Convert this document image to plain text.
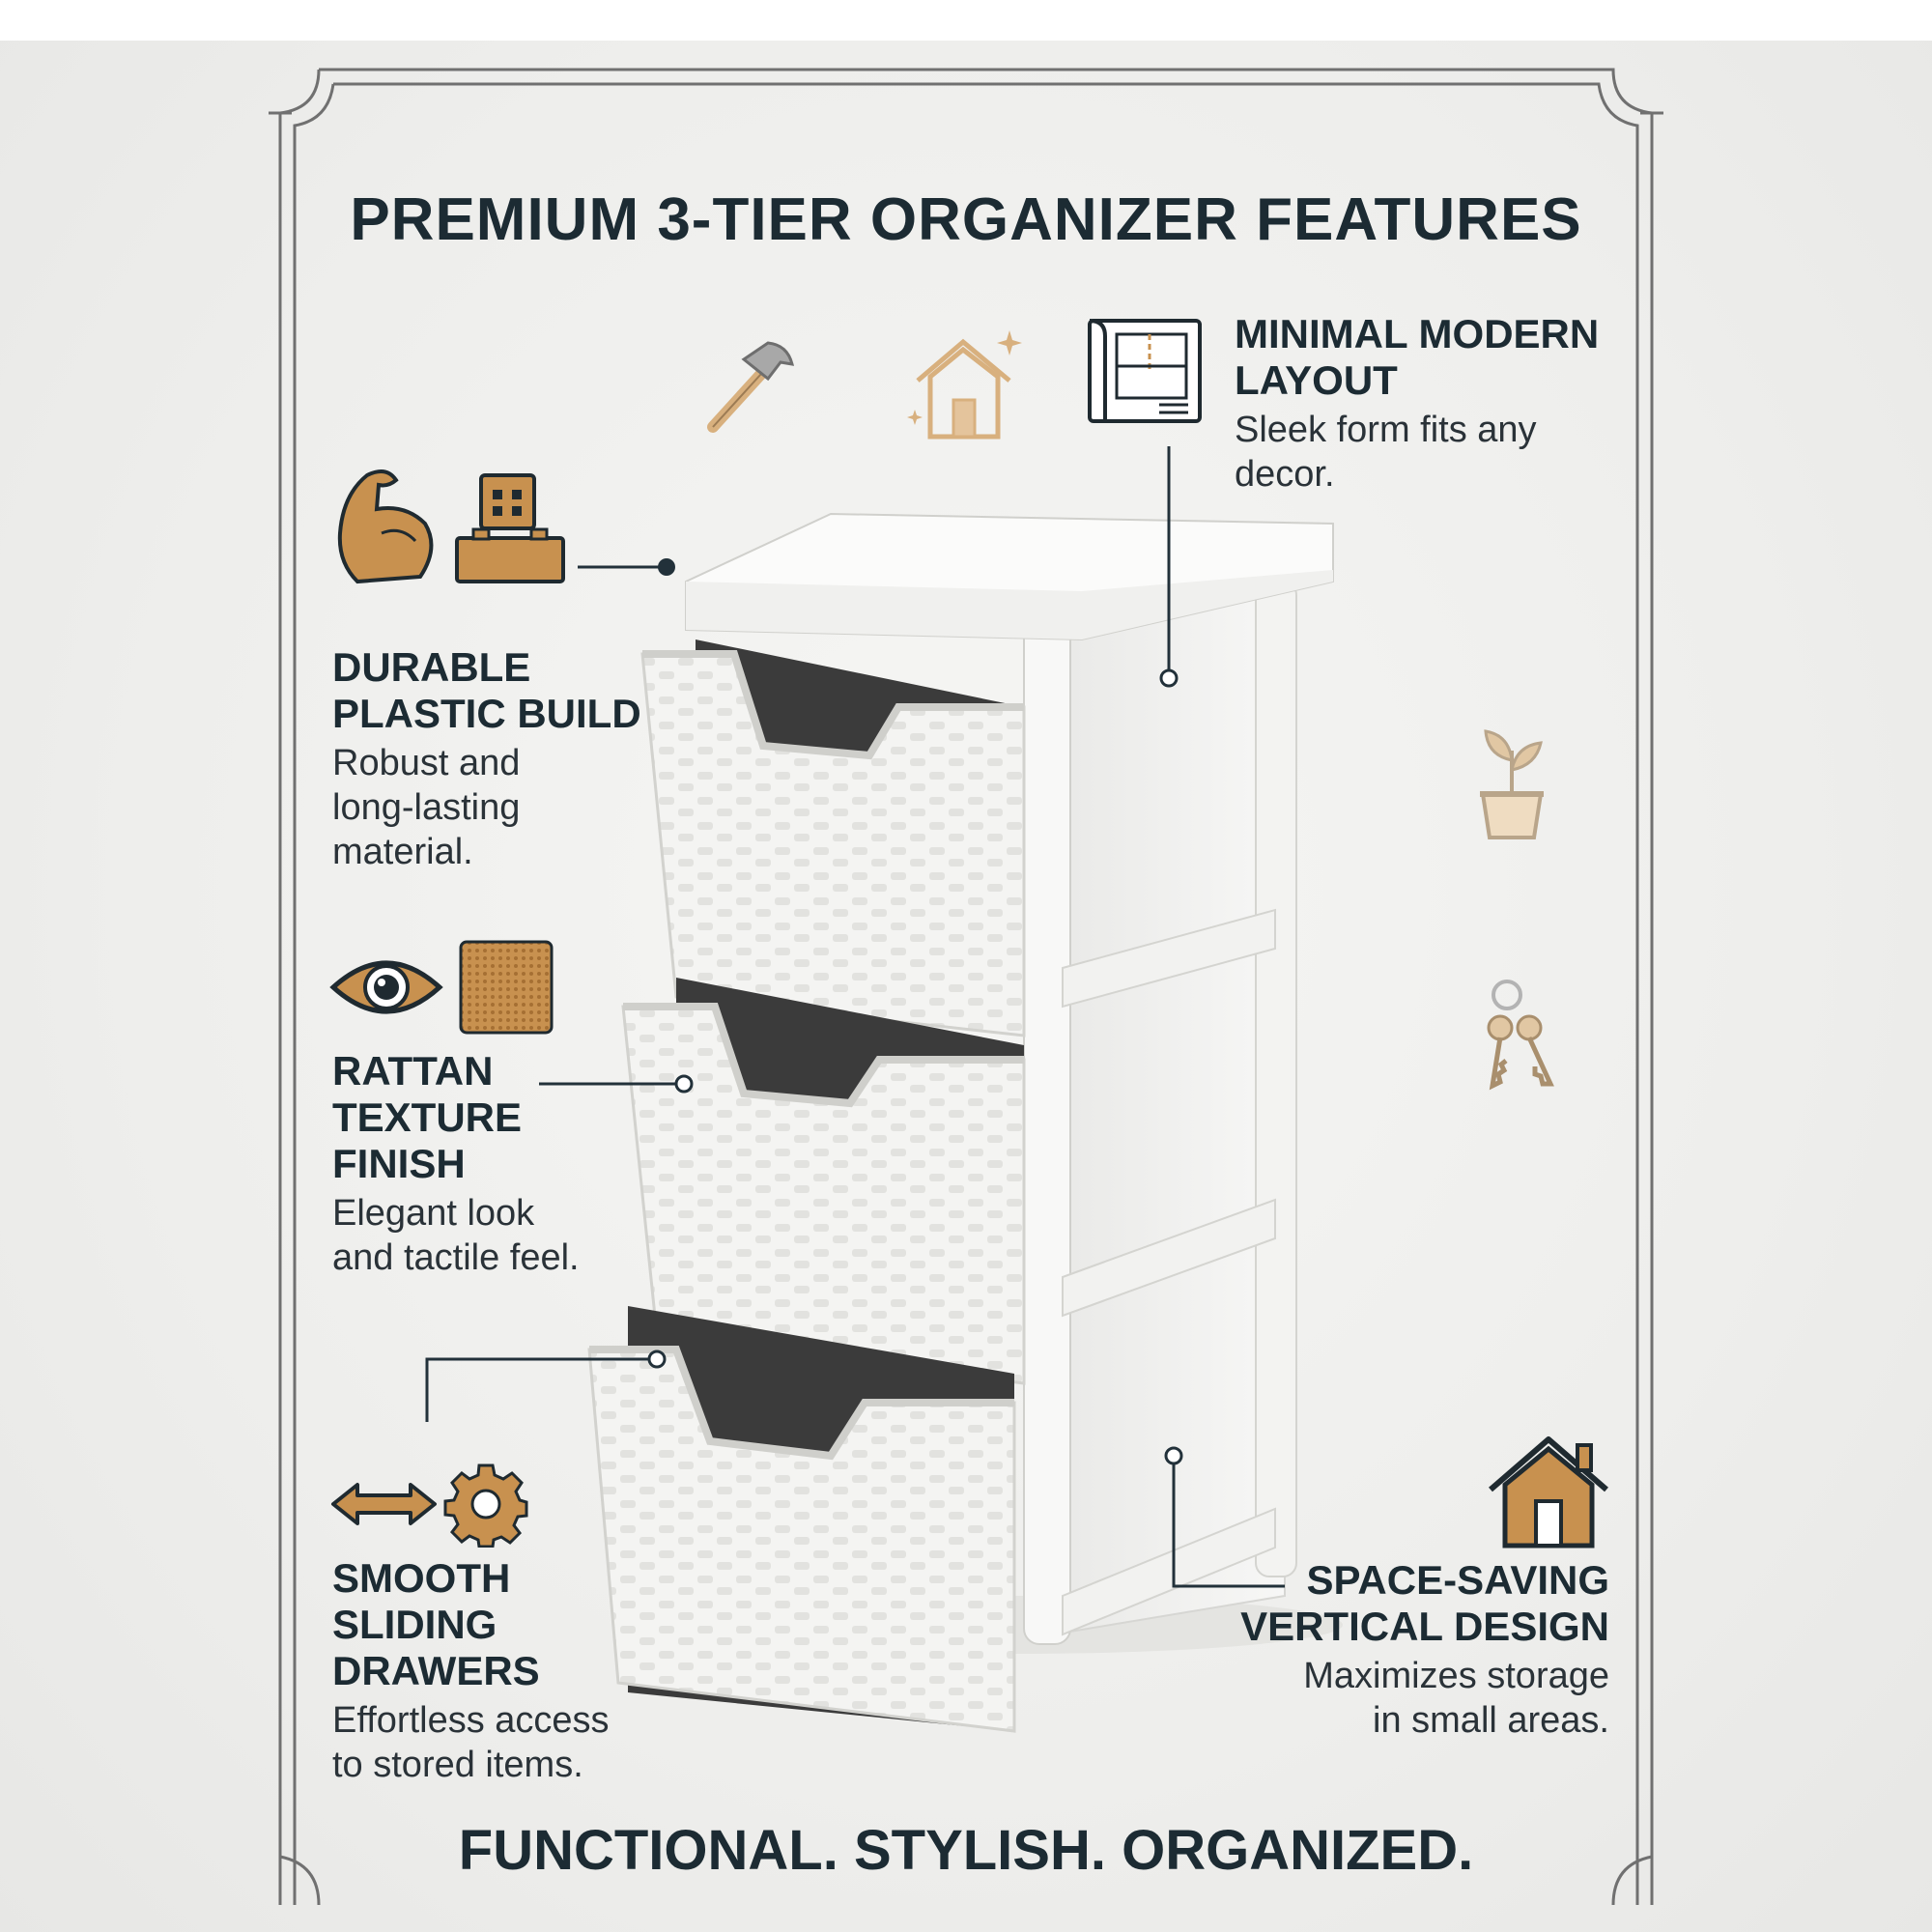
PREMIUM 3-TIER ORGANIZER FEATURES
DURABLE
PLASTIC BUILD
Robust and
long-lasting
material.
RATTAN
TEXTURE
FINISH
Elegant look
and tactile feel.
SMOOTH
SLIDING
DRAWERS
Effortless access
to stored items.
MINIMAL MODERN
LAYOUT
Sleek form fits any
decor.
SPACE-SAVING
VERTICAL DESIGN
Maximizes storage
in small areas.
FUNCTIONAL. STYLISH. ORGANIZED.
